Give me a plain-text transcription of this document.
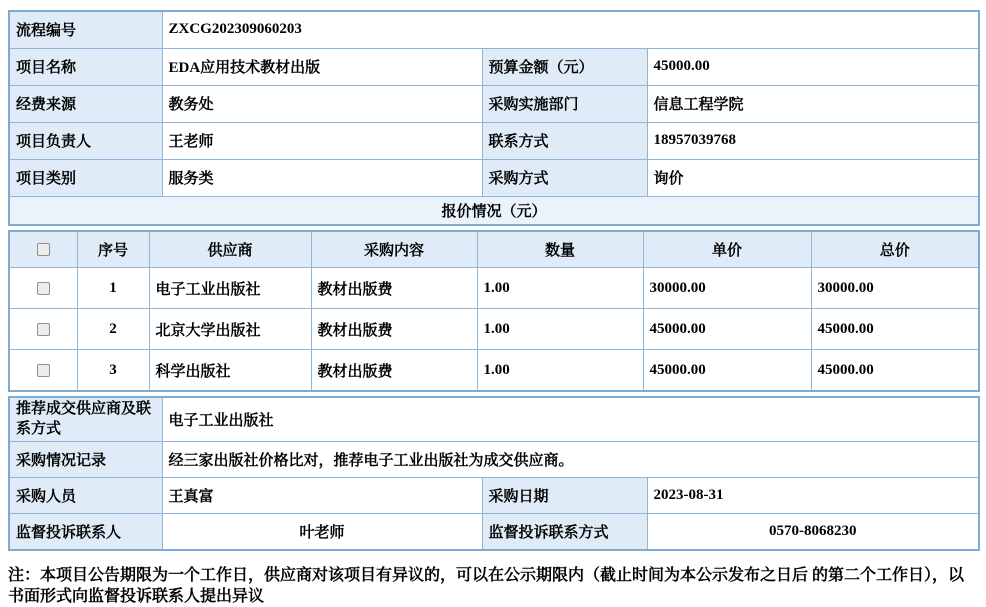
流程编号	ZXCG202309060203		
项目名称	EDA应用技术教材出版	预算金额（元）	45000.00
经费来源	教务处	采购实施部门	信息工程学院
项目负责人	王老师	联系方式	18957039768
项目类别	服务类	采购方式	询价
报价情况（元）			
	序号	供应商	采购内容	数量	单价	总价
	1	电子工业出版社	教材出版费	1.00	30000.00	30000.00
	2	北京大学出版社	教材出版费	1.00	45000.00	45000.00
	3	科学出版社	教材出版费	1.00	45000.00	45000.00
推荐成交供应商及联系方式	电子工业出版社		
采购情况记录	经三家出版社价格比对，推荐电子工业出版社为成交供应商。		
采购人员	王真富	采购日期	2023-08-31
监督投诉联系人	叶老师	监督投诉联系方式	0570-8068230

注：本项目公告期限为一个工作日，供应商对该项目有异议的，可以在公示期限内（截止时间为本公示发布之日后 的第二个工作日），以书面形式向监督投诉联系人提出异议
